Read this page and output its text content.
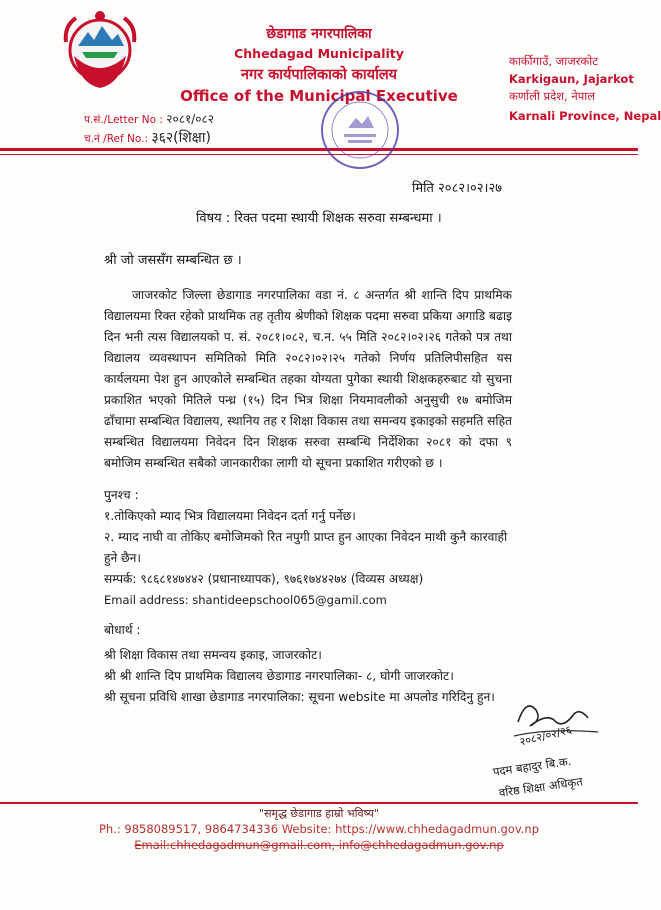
छेडागाड नगरपालिका
Chhedagad Municipality
नगर कार्यपालिकाको कार्यालय
Office of the Municipal Executive
कार्कीगाउँ, जाजरकोट
Karkigaun, Jajarkot
कर्णाली प्रदेश, नेपाल
Karnali Province, Nepal
प.सं./Letter No : २०८१/०८२
च.नं /Ref No.: ३६२(शिक्षा)
मिति २०८२।०२।२७
विषय : रिक्त पदमा स्थायी शिक्षक सरुवा सम्बन्धमा ।
श्री जो जससँग सम्बन्धित छ ।

जाजरकोट जिल्ला छेडागाड नगरपालिका वडा नं. ८ अन्तर्गत श्री शान्ति दिप प्राथमिक विद्यालयमा रिक्त रहेको प्राथमिक तह तृतीय श्रेणीको शिक्षक पदमा सरुवा प्रकिया अगाडि बढाइ दिन भनी त्यस विद्यालयको प. सं. २०८१।०८२, च.न. ५५ मिति २०८२।०२।२६ गतेको पत्र तथा विद्यालय व्यवस्थापन समितिको मिति २०८२।०२।२५ गतेको निर्णय प्रतिलिपीसहित यस कार्यलयमा पेश हुन आएकोले सम्बन्धित तहका योग्यता पुगेका स्थायी शिक्षकहरुबाट यो सुचना प्रकाशित भएको मितिले पन्ध्र (१५) दिन भित्र शिक्षा नियमावलीको अनुसुची १७ बमोजिम ढाँचामा सम्बन्धित विद्यालय, स्थानिय तह र शिक्षा विकास तथा समन्वय इकाइको सहमति सहित सम्बन्धित विद्यालयमा निवेदन दिन शिक्षक सरुवा सम्बन्धि निर्देशिका २०८१ को दफा ९ बमोजिम सम्बन्धित सबैको जानकारीका लागी यो सूचना प्रकाशित गरीएको छ ।

पुनश्च :
१.तोकिएको म्याद भित्र विद्यालयमा निवेदन दर्ता गर्नु पर्नेछ।
२. म्याद नाघी वा तोकिए बमोजिमको रित नपुगी प्राप्त हुन आएका निवेदन माथी कुनै कारवाही हुने छैन।
सम्पर्क: ९८६८१४७४४२ (प्रधानाध्यापक), ९७६१७४४२७४ (विव्यस अध्यक्ष)
Email address: shantideepschool065@gamil.com
बोधार्थ :
श्री शिक्षा विकास तथा समन्वय इकाइ, जाजरकोट।
श्री श्री शान्ति दिप प्राथमिक विद्यालय छेडागाड नगरपालिका- ८, घोगी जाजरकोट।
श्री सूचना प्रविधि शाखा छेडागाड नगरपालिका: सूचना website मा अपलोड गरिदिनु हुन।
२०८२/०२/२६
पदम बहादुर बि.क.
वरिष्ठ शिक्षा अधिकृत
"समृद्ध छेडागाड हाम्रो भविष्य"
Ph.: 9858089517, 9864734336 Website: https://www.chhedagadmun.gov.np
Email:chhedagadmun@gmail.com, info@chhedagadmun.gov.np
